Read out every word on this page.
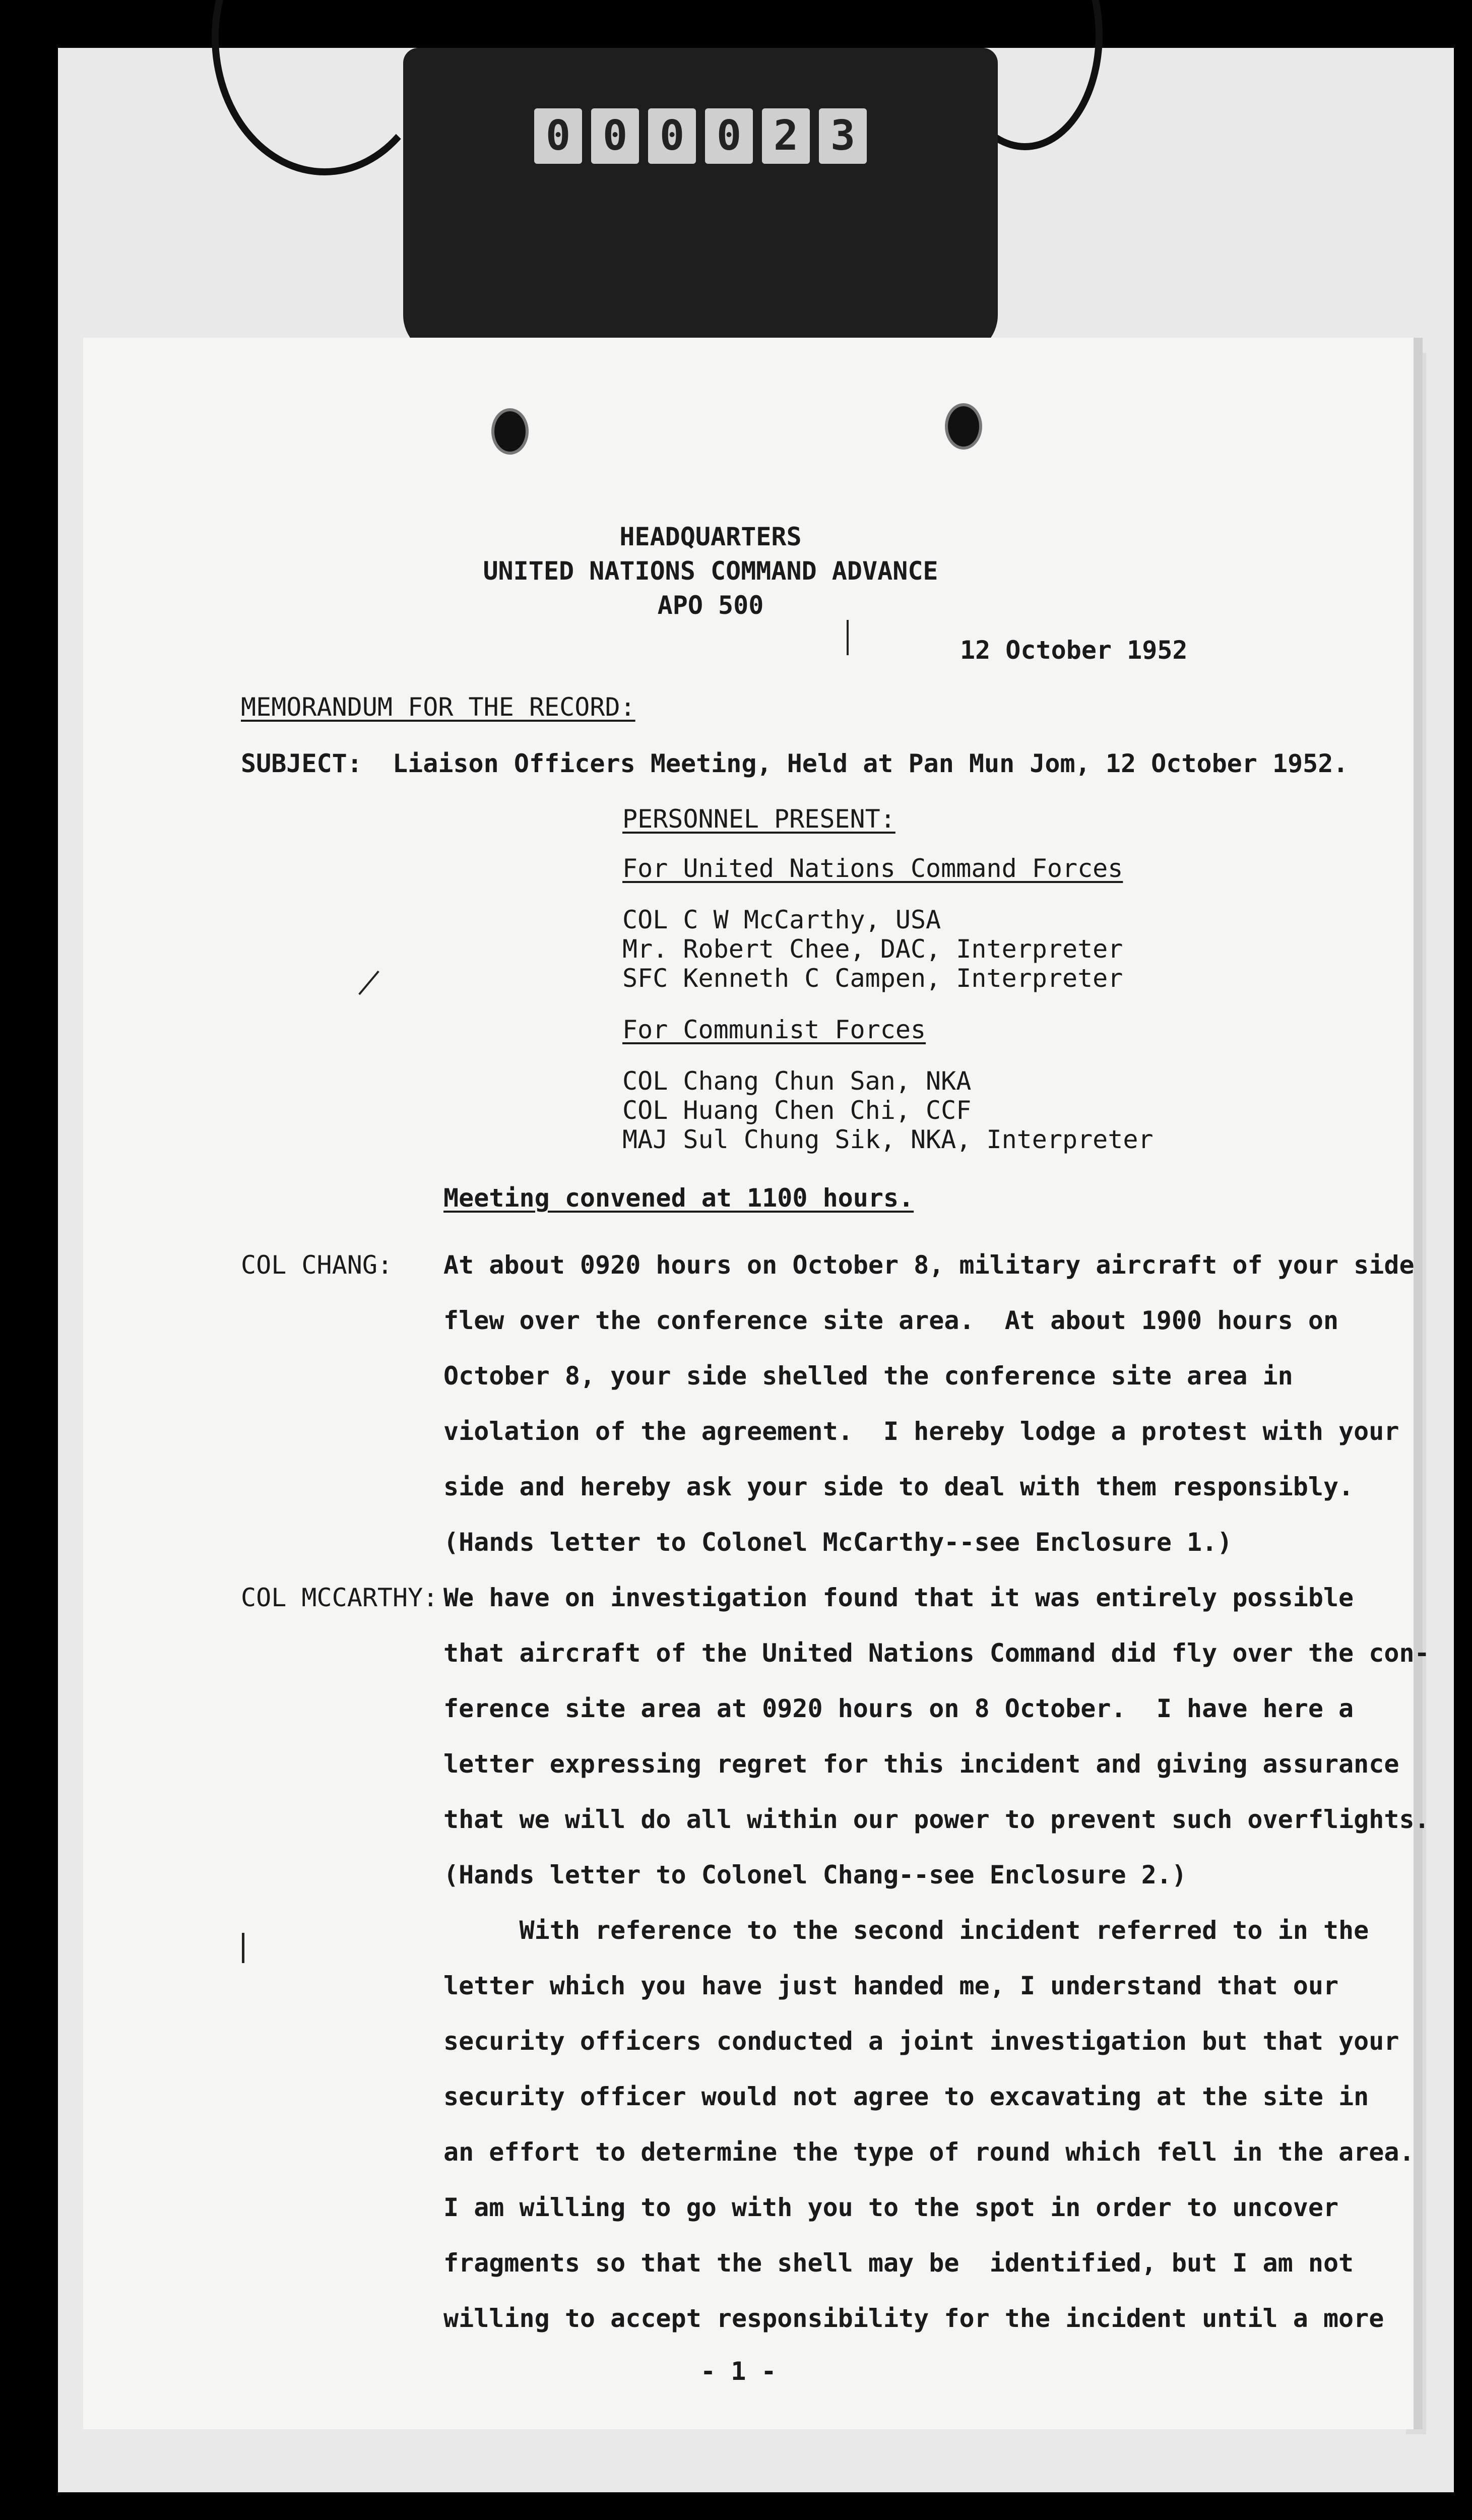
0 0 0 0 2 3

HEADQUARTERS

UNITED NATIONS COMMAND ADVANCE

APO 500

12 October 1952

MEMORANDUM FOR THE RECORD:

SUBJECT:  Liaison Officers Meeting, Held at Pan Mun Jom, 12 October 1952.

PERSONNEL PRESENT:

For United Nations Command Forces

COL C W McCarthy, USA

Mr. Robert Chee, DAC, Interpreter

SFC Kenneth C Campen, Interpreter

For Communist Forces

COL Chang Chun San, NKA

COL Huang Chen Chi, CCF

MAJ Sul Chung Sik, NKA, Interpreter

Meeting convened at 1100 hours.

COL CHANG: At about 0920 hours on October 8, military aircraft of your side

flew over the conference site area.  At about 1900 hours on

October 8, your side shelled the conference site area in

violation of the agreement.  I hereby lodge a protest with your

side and hereby ask your side to deal with them responsibly.

(Hands letter to Colonel McCarthy--see Enclosure 1.)

COL MCCARTHY: We have on investigation found that it was entirely possible

that aircraft of the United Nations Command did fly over the con-

ference site area at 0920 hours on 8 October.  I have here a

letter expressing regret for this incident and giving assurance

that we will do all within our power to prevent such overflights.

(Hands letter to Colonel Chang--see Enclosure 2.)

With reference to the second incident referred to in the

letter which you have just handed me, I understand that our

security officers conducted a joint investigation but that your

security officer would not agree to excavating at the site in

an effort to determine the type of round which fell in the area.

I am willing to go with you to the spot in order to uncover

fragments so that the shell may be  identified, but I am not

willing to accept responsibility for the incident until a more

- 1 -
